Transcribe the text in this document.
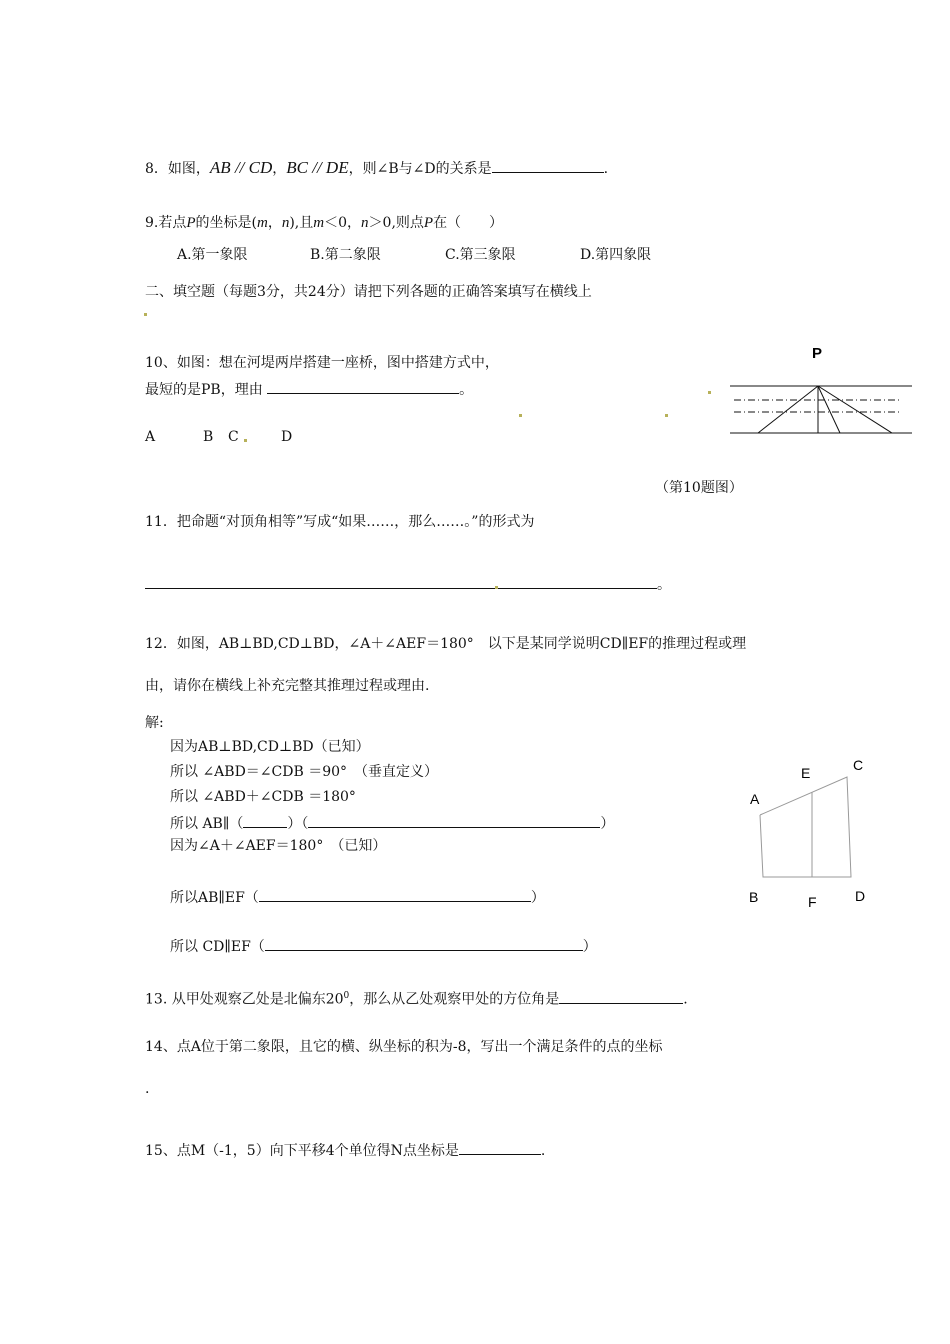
8．如图，AB // CD，BC // DE，则∠B与∠D的关系是	.
9.若点P的坐标是(m，n),且m＜0，n＞0,则点P在（　　）
A.第一象限	B.第二象限	C.第三象限	D.第四象限
二、填空题（每题3分，共24分）请把下列各题的正确答案填写在横线上
10、如图：想在河堤两岸搭建一座桥，图中搭建方式中，
最短的是PB，理由	。
A	B C	D
P
（第10题图）
11．把命题“对顶角相等”写成“如果……，那么……。”的形式为
。
12．如图，AB⊥BD,CD⊥BD，∠A＋∠AEF＝180°　以下是某同学说明CD∥EF的推理过程或理
由，请你在横线上补充完整其推理过程或理由.
解:
因为AB⊥BD,CD⊥BD（已知）
所以 ∠ABD＝∠CDB ＝90°　（垂直定义）
所以 ∠ABD＋∠CDB ＝180°
所以 AB∥（	）（	）
因为∠A＋∠AEF＝180°　（已知）
所以AB∥EF（	）
所以 CD∥EF（	）
A
E	C
B	F	D
13. 从甲处观察乙处是北偏东$20^0$，那么从乙处观察甲处的方位角是	.
14、点A位于第二象限，且它的横、纵坐标的积为-8，写出一个满足条件的点的坐标
.
15、点M（-1，5）向下平移4个单位得N点坐标是	.
